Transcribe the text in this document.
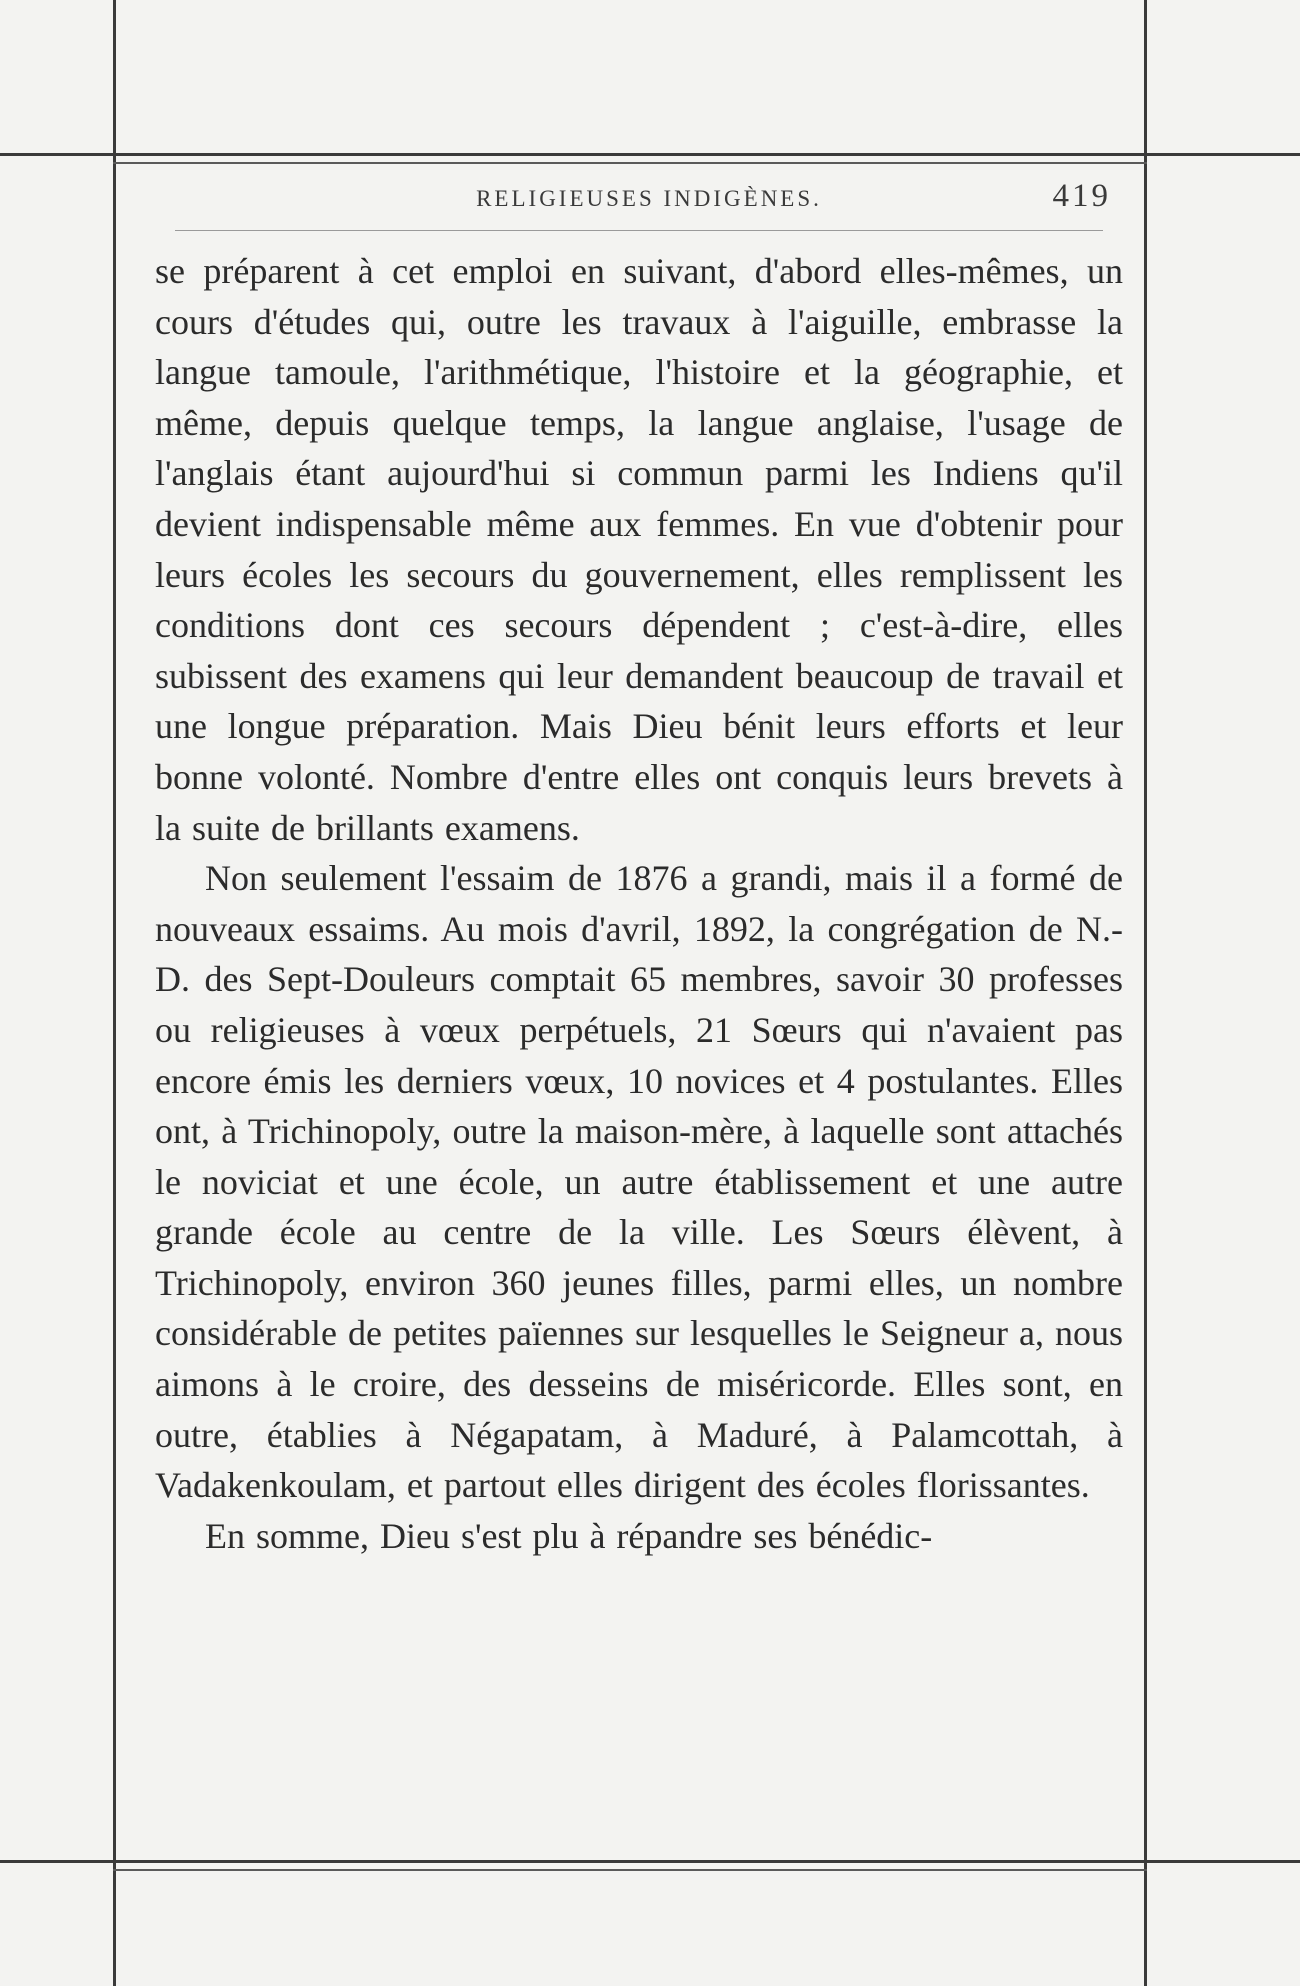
RELIGIEUSES INDIGÈNES.	419

se préparent à cet emploi en suivant, d'abord elles-mêmes, un cours d'études qui, outre les travaux à l'aiguille, embrasse la langue tamoule, l'arithmétique, l'histoire et la géographie, et même, depuis quelque temps, la langue anglaise, l'usage de l'anglais étant aujourd'hui si commun parmi les Indiens qu'il devient indispensable même aux femmes. En vue d'obtenir pour leurs écoles les secours du gouvernement, elles remplissent les conditions dont ces secours dépendent ; c'est-à-dire, elles subissent des examens qui leur demandent beaucoup de travail et une longue préparation. Mais Dieu bénit leurs efforts et leur bonne volonté. Nombre d'entre elles ont conquis leurs brevets à la suite de brillants examens.

Non seulement l'essaim de 1876 a grandi, mais il a formé de nouveaux essaims. Au mois d'avril, 1892, la congrégation de N.-D. des Sept-Douleurs comptait 65 membres, savoir 30 professes ou religieuses à vœux perpétuels, 21 Sœurs qui n'avaient pas encore émis les derniers vœux, 10 novices et 4 postulantes. Elles ont, à Trichinopoly, outre la maison-mère, à laquelle sont attachés le noviciat et une école, un autre établissement et une autre grande école au centre de la ville. Les Sœurs élèvent, à Trichinopoly, environ 360 jeunes filles, parmi elles, un nombre considérable de petites païennes sur lesquelles le Seigneur a, nous aimons à le croire, des desseins de miséricorde. Elles sont, en outre, établies à Négapatam, à Maduré, à Palamcottah, à Vadakenkoulam, et partout elles dirigent des écoles florissantes.

En somme, Dieu s'est plu à répandre ses bénédic-
